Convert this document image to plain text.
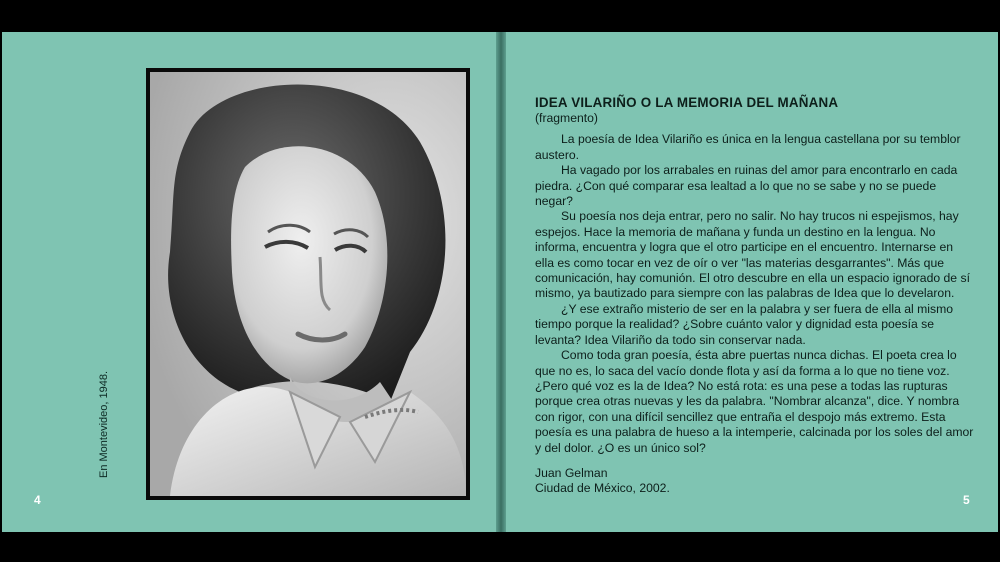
En Montevideo, 1948.
4	5

IDEA VILARIÑO O LA MEMORIA DEL MAÑANA

(fragmento)

La poesía de Idea Vilariño es única en la lengua castellana por su temblor austero.

Ha vagado por los arrabales en ruinas del amor para encontrarlo en cada piedra. ¿Con qué comparar esa lealtad a lo que no se sabe y no se puede negar?

Su poesía nos deja entrar, pero no salir. No hay trucos ni espejismos, hay espejos. Hace la memoria de mañana y funda un destino en la lengua. No informa, encuentra y logra que el otro participe en el encuentro. Internarse en ella es como tocar en vez de oír o ver "las materias desgarrantes". Más que comunicación, hay comunión. El otro descubre en ella un espacio ignorado de sí mismo, ya bautizado para siempre con las palabras de Idea que lo develaron.

¿Y ese extraño misterio de ser en la palabra y ser fuera de ella al mismo tiempo porque la realidad? ¿Sobre cuánto valor y dignidad esta poesía se levanta? Idea Vilariño da todo sin conservar nada.

Como toda gran poesía, ésta abre puertas nunca dichas. El poeta crea lo que no es, lo saca del vacío donde flota y así da forma a lo que no tiene voz. ¿Pero qué voz es la de Idea? No está rota: es una pese a todas las rupturas porque crea otras nuevas y les da palabra. "Nombrar alcanza", dice. Y nombra con rigor, con una difícil sencillez que entraña el despojo más extremo. Esta poesía es una palabra de hueso a la intemperie, calcinada por los soles del amor y del dolor. ¿O es un único sol?

Juan Gelman
Ciudad de México, 2002.
